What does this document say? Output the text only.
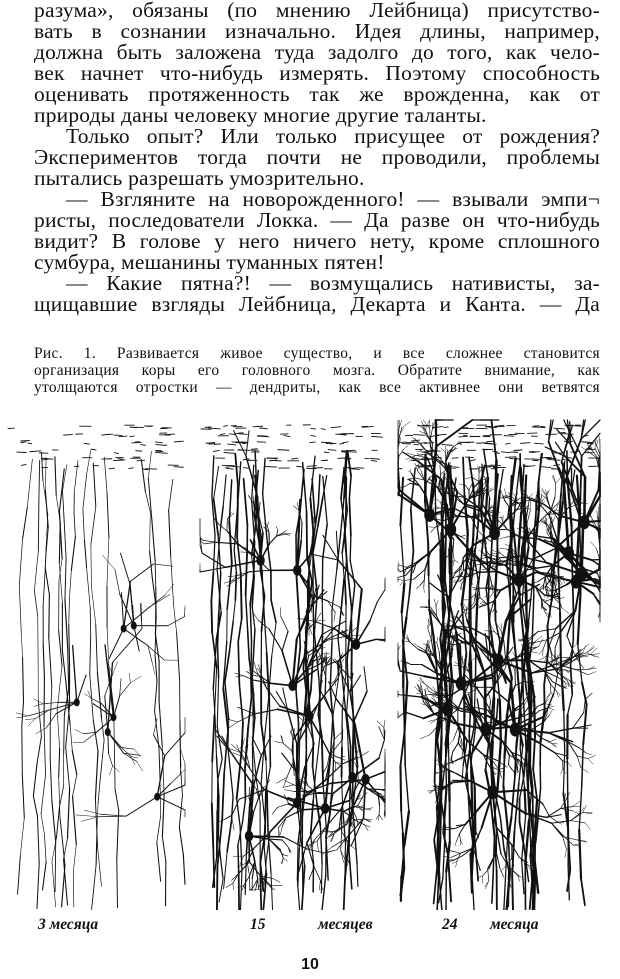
разума», обязаны (по мнению Лейбница) присутство-
вать в сознании изначально. Идея длины, например,
должна быть заложена туда задолго до того, как чело-
век начнет что-нибудь измерять. Поэтому способность
оценивать протяженность так же врожденна, как от
природы даны человеку многие другие таланты.
Только опыт? Или только присущее от рождения?
Экспериментов тогда почти не проводили, проблемы
пытались разрешать умозрительно.
— Взгляните на новорожденного! — взывали эмпи¬
ристы, последователи Локка. — Да разве он что-нибудь
видит? В голове у него ничего нету, кроме сплошного
сумбура, мешанины туманных пятен!
— Какие пятна?! — возмущались нативисты, за-
щищавшие взгляды Лейбница, Декарта и Канта. — Да
Рис. 1. Развивается живое существо, и все сложнее становится
организация коры его головного мозга. Обратите внимание, как
утолщаются отростки — дендриты, как все активнее они ветвятся
3 месяца	15	месяцев	24 месяца
10
